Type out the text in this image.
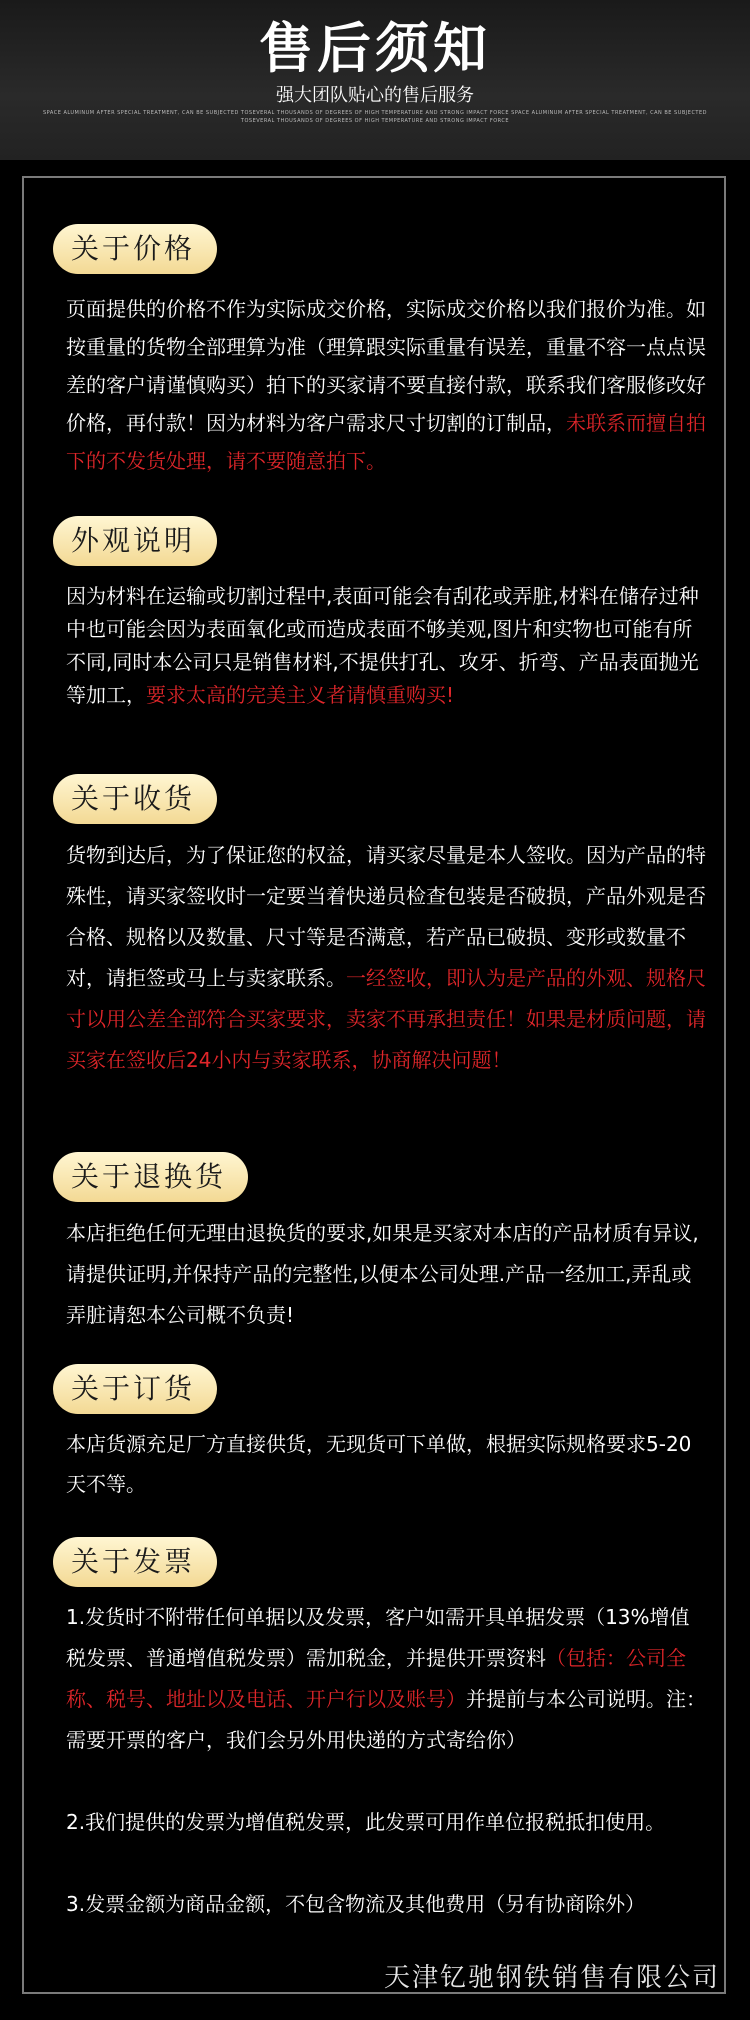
售后须知
强大团队贴心的售后服务
SPACE ALUMINUM AFTER SPECIAL TREATMENT, CAN BE SUBJECTED TOSEVERAL THOUSANDS OF DEGREES OF HIGH TEMPERATURE AND STRONG IMPACT FORCE SPACE ALUMINUM AFTER SPECIAL TREATMENT, CAN BE SUBJECTED
TOSEVERAL THOUSANDS OF DEGREES OF HIGH TEMPERATURE AND STRONG IMPACT FORCE
关于价格

页面提供的价格不作为实际成交价格，实际成交价格以我们报价为准。如按重量的货物全部理算为准（理算跟实际重量有误差，重量不容一点点误差的客户请谨慎购买）拍下的买家请不要直接付款，联系我们客服修改好价格，再付款！因为材料为客户需求尺寸切割的订制品，未联系而擅自拍下的不发货处理，请不要随意拍下。

外观说明

因为材料在运输或切割过程中,表面可能会有刮花或弄脏,材料在储存过种中也可能会因为表面氧化或而造成表面不够美观,图片和实物也可能有所不同,同时本公司只是销售材料,不提供打孔、攻牙、折弯、产品表面抛光等加工，要求太高的完美主义者请慎重购买!

关于收货

货物到达后，为了保证您的权益，请买家尽量是本人签收。因为产品的特殊性，请买家签收时一定要当着快递员检查包装是否破损，产品外观是否合格、规格以及数量、尺寸等是否满意，若产品已破损、变形或数量不对，请拒签或马上与卖家联系。一经签收，即认为是产品的外观、规格尺寸以用公差全部符合买家要求，卖家不再承担责任！如果是材质问题，请买家在签收后24小内与卖家联系，协商解决问题！

关于退换货

本店拒绝任何无理由退换货的要求,如果是买家对本店的产品材质有异议,请提供证明,并保持产品的完整性,以便本公司处理.产品一经加工,弄乱或弄脏请恕本公司概不负责!

关于订货

本店货源充足厂方直接供货，无现货可下单做，根据实际规格要求5-20天不等。

关于发票

1.发货时不附带任何单据以及发票，客户如需开具单据发票（13%增值税发票、普通增值税发票）需加税金，并提供开票资料（包括：公司全称、税号、地址以及电话、开户行以及账号）并提前与本公司说明。注：需要开票的客户，我们会另外用快递的方式寄给你）

2.我们提供的发票为增值税发票，此发票可用作单位报税抵扣使用。

3.发票金额为商品金额，不包含物流及其他费用（另有协商除外）

天津钇驰钢铁销售有限公司
